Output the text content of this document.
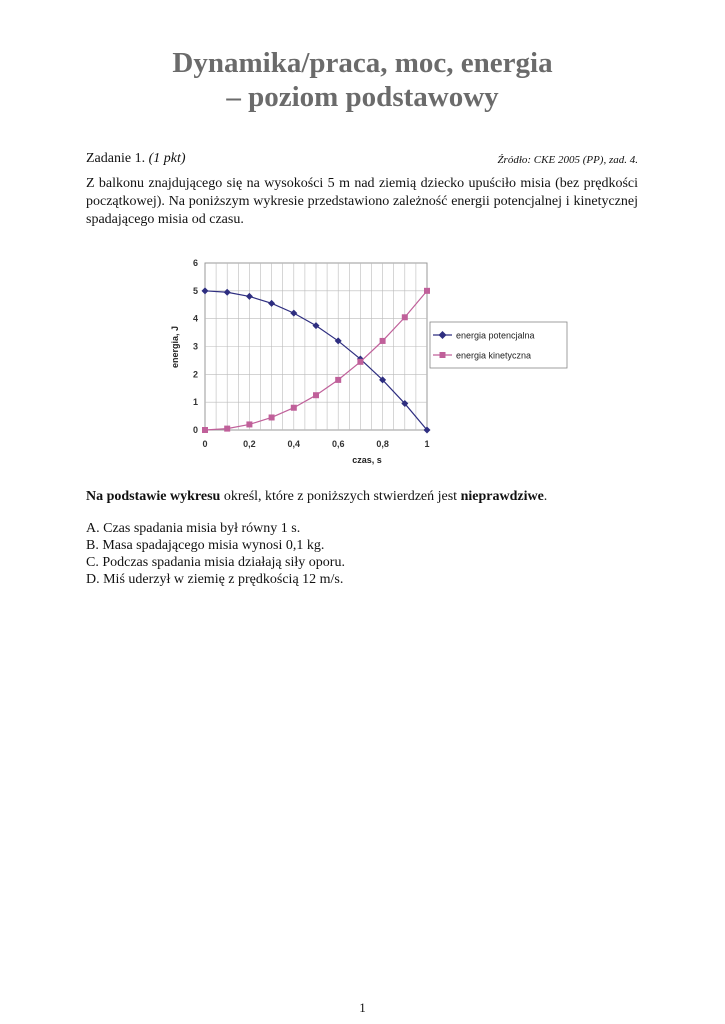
Dynamika/praca, moc, energia
– poziom podstawowy
Zadanie 1. (1 pkt)	Źródło: CKE 2005 (PP), zad. 4.
Z balkonu znajdującego się na wysokości 5 m nad ziemią dziecko upuściło misia (bez prędkości początkowej). Na poniższym wykresie przedstawiono zależność energii potencjalnej i kinetycznej spadającego misia od czasu.
0
1
2
3
4
5
6
0	0,2	0,4	0,6	0,8	1
czas, s
energia, J	energia potencjalna
energia kinetyczna
Na podstawie wykresu określ, które z poniższych stwierdzeń jest nieprawdziwe.
A. Czas spadania misia był równy 1 s.
B. Masa spadającego misia wynosi 0,1 kg.
C. Podczas spadania misia działają siły oporu.
D. Miś uderzył w ziemię z prędkością 12 m/s.
1
